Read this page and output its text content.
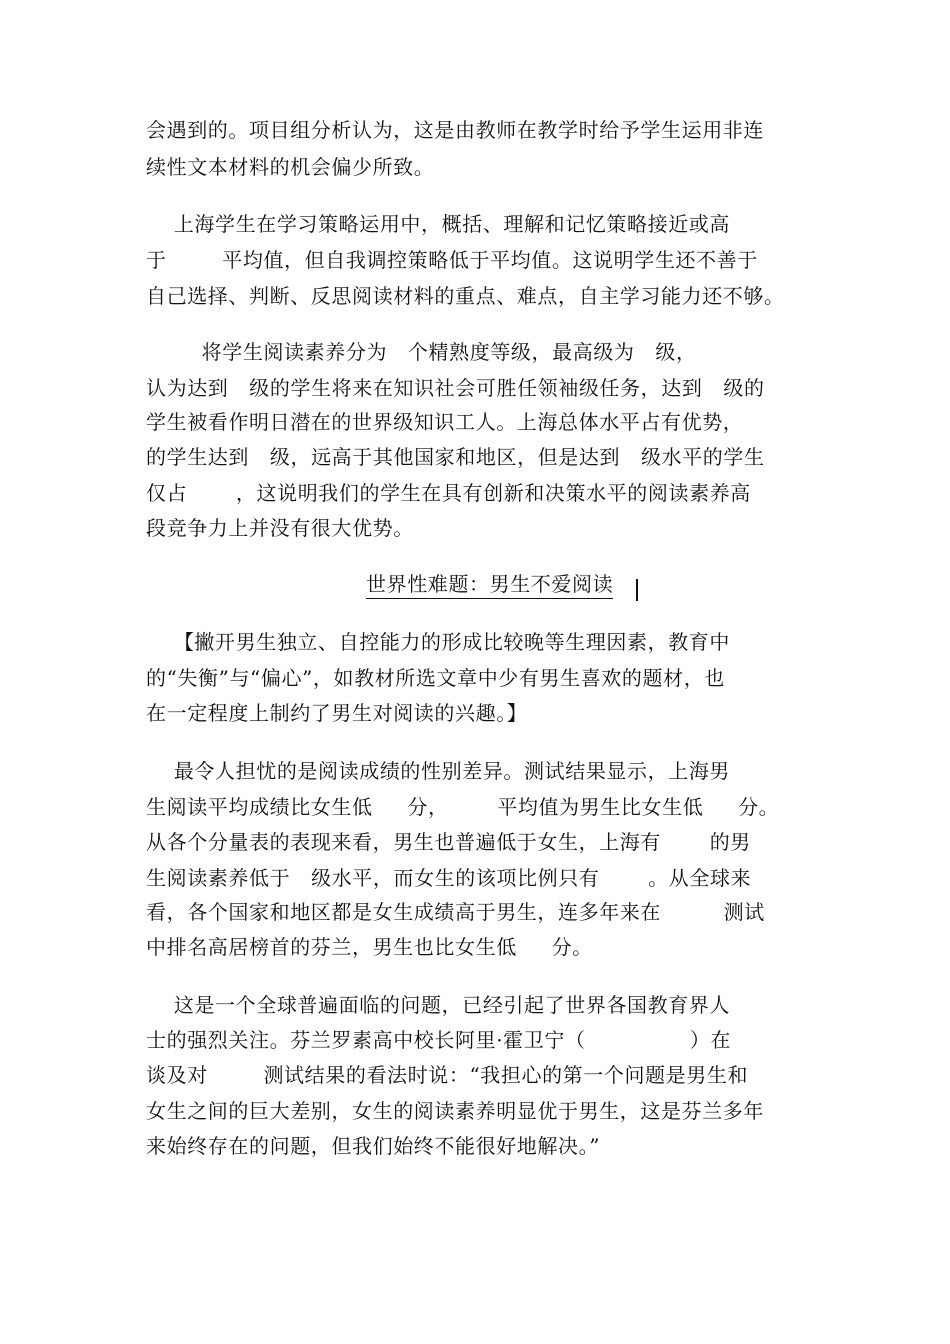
会遇到的。项目组分析认为，这是由教师在教学时给予学生运用非连
续性文本材料的机会偏少所致。
上海学生在学习策略运用中，概括、理解和记忆策略接近或高
于        平均值，但自我调控策略低于平均值。这说明学生还不善于
自己选择、判断、反思阅读材料的重点、难点，自主学习能力还不够。
将学生阅读素养分为   个精熟度等级，最高级为   级，
认为达到   级的学生将来在知识社会可胜任领袖级任务，达到   级的
学生被看作明日潜在的世界级知识工人。上海总体水平占有优势，
的学生达到   级，远高于其他国家和地区，但是达到   级水平的学生
仅占       ，这说明我们的学生在具有创新和决策水平的阅读素养高
段竞争力上并没有很大优势。
世界性难题：男生不爱阅读
【撇开男生独立、自控能力的形成比较晚等生理因素，教育中
的“失衡”与“偏心”，如教材所选文章中少有男生喜欢的题材，也
在一定程度上制约了男生对阅读的兴趣。】
最令人担忧的是阅读成绩的性别差异。测试结果显示，上海男
生阅读平均成绩比女生低     分，       平均值为男生比女生低     分。
从各个分量表的表现来看，男生也普遍低于女生，上海有       的男
生阅读素养低于   级水平，而女生的该项比例只有       。从全球来
看，各个国家和地区都是女生成绩高于男生，连多年来在         测试
中排名高居榜首的芬兰，男生也比女生低     分。
这是一个全球普遍面临的问题，已经引起了世界各国教育界人
士的强烈关注。芬兰罗素高中校长阿里·霍卫宁（               ）在
谈及对        测试结果的看法时说：“我担心的第一个问题是男生和
女生之间的巨大差别，女生的阅读素养明显优于男生，这是芬兰多年
来始终存在的问题，但我们始终不能很好地解决。”
